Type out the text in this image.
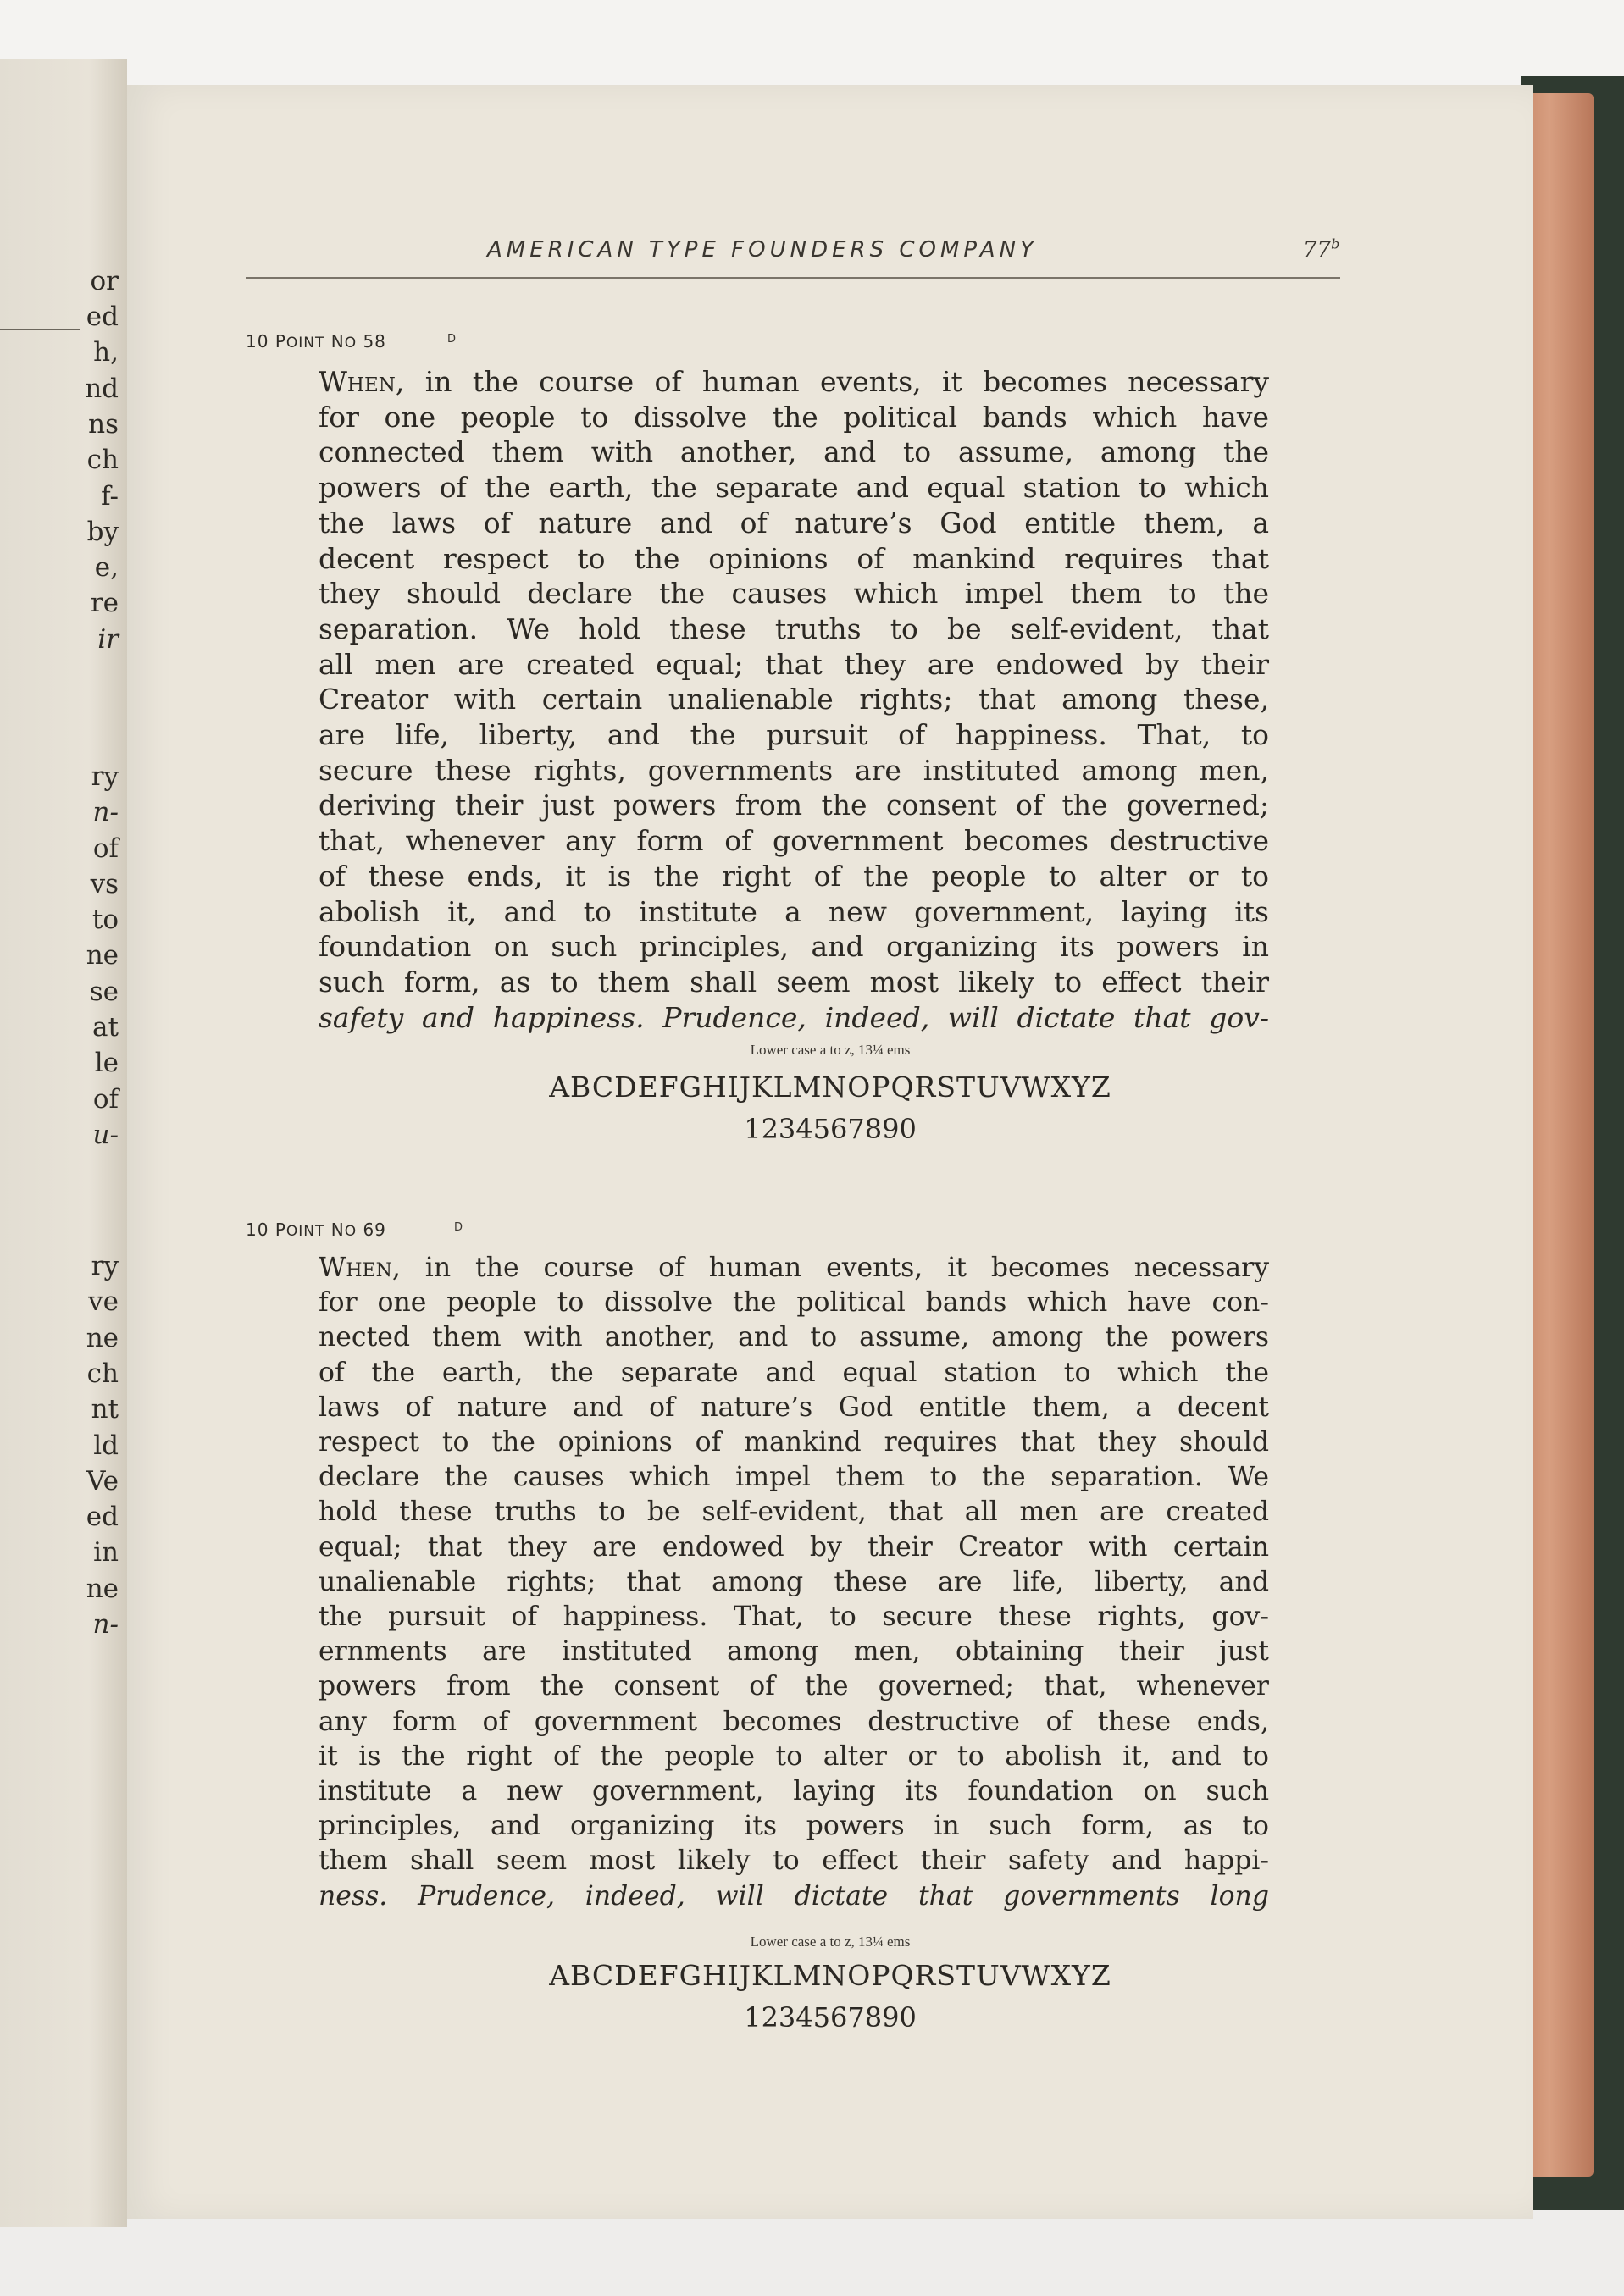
or
ed
h,
nd
ns
ch
f-
by
e,
re
ir
ry
n-
of
vs
to
ne
se
at
le
of
u-
ry
ve
ne
ch
nt
ld
Ve
ed
in
ne
n-
AMERICAN TYPE FOUNDERS COMPANY	77$^b$
10 POINT NO 58	D
When, in the course of human events, it becomes necessary
for one people to dissolve the political bands which have
connected them with another, and to assume, among the
powers of the earth, the separate and equal station to which
the laws of nature and of nature’s God entitle them, a
decent respect to the opinions of mankind requires that
they should declare the causes which impel them to the
separation. We hold these truths to be self-evident, that
all men are created equal; that they are endowed by their
Creator with certain unalienable rights; that among these,
are life, liberty, and the pursuit of happiness. That, to
secure these rights, governments are instituted among men,
deriving their just powers from the consent of the governed;
that, whenever any form of government becomes destructive
of these ends, it is the right of the people to alter or to
abolish it, and to institute a new government, laying its
foundation on such principles, and organizing its powers in
such form, as to them shall seem most likely to effect their
safety and happiness. Prudence, indeed, will dictate that gov-
Lower case a to z, 13¼ ems
ABCDEFGHIJKLMNOPQRSTUVWXYZ
1234567890
10 POINT NO 69	D
When, in the course of human events, it becomes necessary
for one people to dissolve the political bands which have con-
nected them with another, and to assume, among the powers
of the earth, the separate and equal station to which the
laws of nature and of nature’s God entitle them, a decent
respect to the opinions of mankind requires that they should
declare the causes which impel them to the separation. We
hold these truths to be self-evident, that all men are created
equal; that they are endowed by their Creator with certain
unalienable rights; that among these are life, liberty, and
the pursuit of happiness. That, to secure these rights, gov-
ernments are instituted among men, obtaining their just
powers from the consent of the governed; that, whenever
any form of government becomes destructive of these ends,
it is the right of the people to alter or to abolish it, and to
institute a new government, laying its foundation on such
principles, and organizing its powers in such form, as to
them shall seem most likely to effect their safety and happi-
ness. Prudence, indeed, will dictate that governments long
Lower case a to z, 13¼ ems
ABCDEFGHIJKLMNOPQRSTUVWXYZ
1234567890
